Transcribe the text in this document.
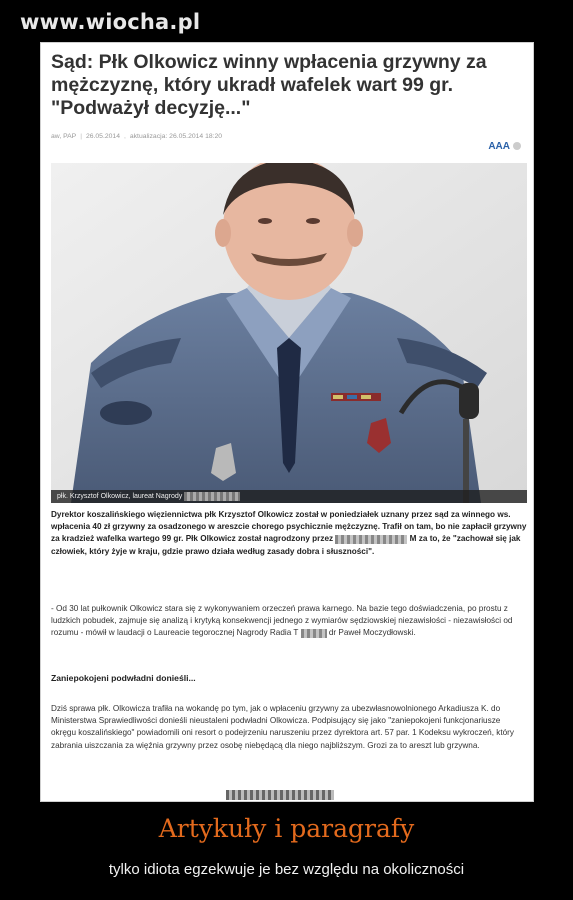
www.wiocha.pl
Sąd: Płk Olkowicz winny wpłacenia grzywny za mężczyznę, który ukradł wafelek wart 99 gr. "Podważył decyzję..."
aw, PAP | 26.05.2014 , aktualizacja: 26.05.2014 18:20
AAA
płk. Krzysztof Olkowicz, laureat Nagrody
Dyrektor koszalińskiego więziennictwa płk Krzysztof Olkowicz został w poniedziałek uznany przez sąd za winnego ws. wpłacenia 40 zł grzywny za osadzonego w areszcie chorego psychicznie mężczyznę. Trafił on tam, bo nie zapłacił grzywny za kradzież wafelka wartego 99 gr. Płk Olkowicz został nagrodzony przez	M za to, że "zachował się jak człowiek, który żyje w kraju, gdzie prawo działa według zasady dobra i słuszności".
- Od 30 lat pułkownik Olkowicz stara się z wykonywaniem orzeczeń prawa karnego. Na bazie tego doświadczenia, po prostu z ludzkich pobudek, zajmuje się analizą i krytyką konsekwencji jednego z wymiarów sędziowskiej niezawisłości - niezawisłości od rozumu - mówił w laudacji o Laureacie tegorocznej Nagrody Radia T	dr Paweł Moczydłowski.
Zaniepokojeni podwładni donieśli...
Dziś sprawa płk. Olkowicza trafiła na wokandę po tym, jak o wpłaceniu grzywny za ubezwłasnowolnionego Arkadiusza K. do Ministerstwa Sprawiedliwości donieśli nieustaleni podwładni Olkowicza. Podpisujący się jako "zaniepokojeni funkcjonariusze okręgu koszalińskiego" powiadomili oni resort o podejrzeniu naruszeniu przez dyrektora art. 57 par. 1 Kodeksu wykroczeń, który zabrania uiszczania za więźnia grzywny przez osobę niebędącą dla niego najbliższym. Grozi za to areszt lub grzywna.
Artykuły i paragrafy
tylko idiota egzekwuje je bez względu na okoliczności
